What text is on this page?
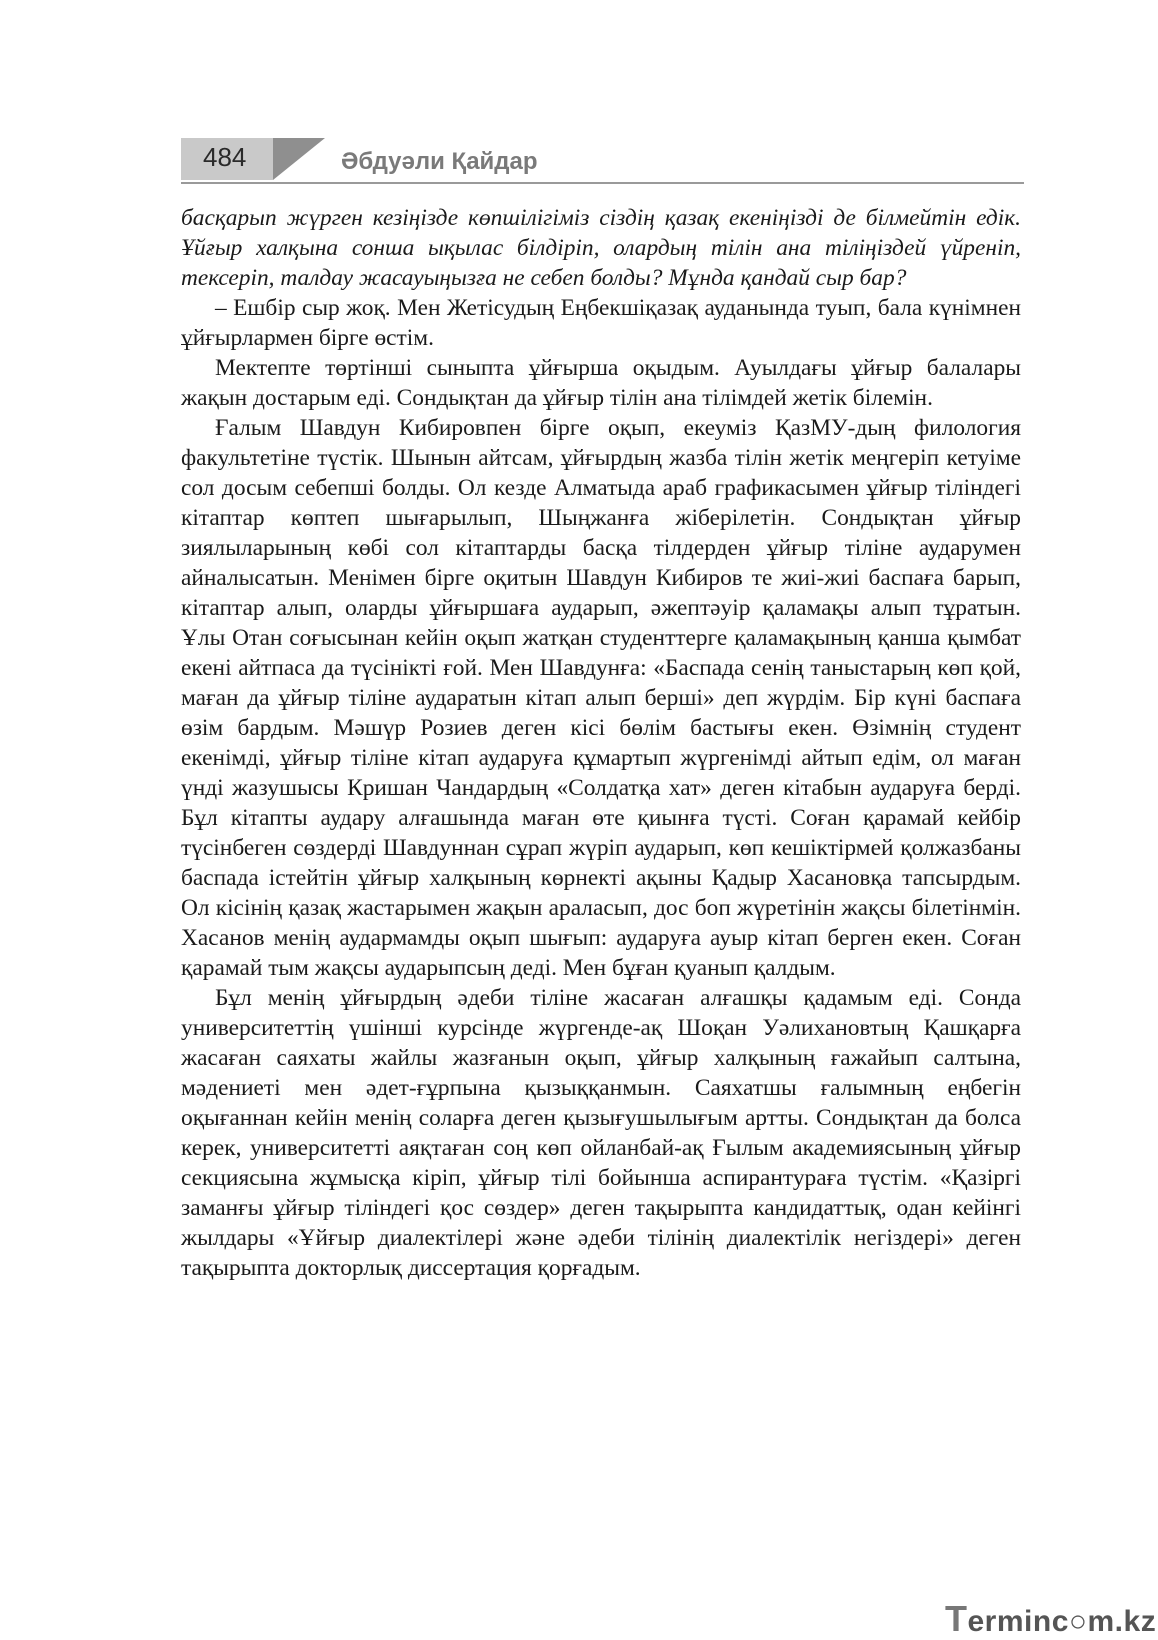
484	Әбдуәли Қайдар

басқарып жүрген кезіңізде көпшілігіміз сіздің қазақ екеніңізді де білмейтін едік. Ұйғыр халқына сонша ықылас білдіріп, олардың тілін ана тіліңіздей үйреніп, тексеріп, талдау жасауыңызға не себеп болды? Мұнда қандай сыр бар?

– Ешбір сыр жоқ. Мен Жетісудың Еңбекшіқазақ ауданында туып, бала күнімнен ұйғырлармен бірге өстім.

Мектепте төртінші сыныпта ұйғырша оқыдым. Ауылдағы ұйғыр балалары жақын достарым еді. Сондықтан да ұйғыр тілін ана тілімдей жетік білемін.

Ғалым Шавдун Кибировпен бірге оқып, екеуміз ҚазМУ-дың филология факультетіне түстік. Шынын айтсам, ұйғырдың жазба тілін жетік меңгеріп кетуіме сол досым себепші болды. Ол кезде Алматыда араб графикасымен ұйғыр тіліндегі кітаптар көптеп шығарылып, Шыңжанға жіберілетін. Сондықтан ұйғыр зиялыларының көбі сол кітаптарды басқа тілдерден ұйғыр тіліне аударумен айналысатын. Менімен бірге оқитын Шавдун Кибиров те жиі-жиі баспаға барып, кітаптар алып, оларды ұйғыршаға аударып, әжептәуір қаламақы алып тұратын. Ұлы Отан соғысынан кейін оқып жатқан студенттерге қаламақының қанша қымбат екені айтпаса да түсінікті ғой. Мен Шавдунға: «Баспада сенің таныстарың көп қой, маған да ұйғыр тіліне аударатын кітап алып берші» деп жүрдім. Бір күні баспаға өзім бардым. Мәшүр Розиев деген кісі бөлім бастығы екен. Өзімнің студент екенімді, ұйғыр тіліне кітап аударуға құмартып жүргенімді айтып едім, ол маған үнді жазушысы Кришан Чандардың «Солдатқа хат» деген кітабын аударуға берді. Бұл кітапты аудару алғашында маған өте қиынға түсті. Соған қарамай кейбір түсінбеген сөздерді Шавдуннан сұрап жүріп аударып, көп кешіктірмей қолжазбаны баспада істейтін ұйғыр халқының көрнекті ақыны Қадыр Хасановқа тапсырдым. Ол кісінің қазақ жастарымен жақын араласып, дос боп жүретінін жақсы білетінмін. Хасанов менің аудармамды оқып шығып: аударуға ауыр кітап берген екен. Соған қарамай тым жақсы аударыпсың деді. Мен бұған қуанып қалдым.

Бұл менің ұйғырдың әдеби тіліне жасаған алғашқы қадамым еді. Сонда университеттің үшінші курсінде жүргенде-ақ Шоқан Уәлихановтың Қашқарға жасаған саяхаты жайлы жазғанын оқып, ұйғыр халқының ғажайып салтына, мәдениеті мен әдет-ғұрпына қызыққанмын. Саяхатшы ғалымның еңбегін оқығаннан кейін менің соларға деген қызығушылығым артты. Сондықтан да болса керек, университетті аяқтаған соң көп ойланбай-ақ Ғылым академиясының ұйғыр секциясына жұмысқа кіріп, ұйғыр тілі бойынша аспирантураға түстім. «Қазіргі заманғы ұйғыр тіліндегі қос сөздер» деген тақырыпта кандидаттық, одан кейінгі жылдары «Ұйғыр диалектілері және әдеби тілінің диалектілік негіздері» деген тақырыпта докторлық диссертация қорғадым.

Terminc○m.kz
